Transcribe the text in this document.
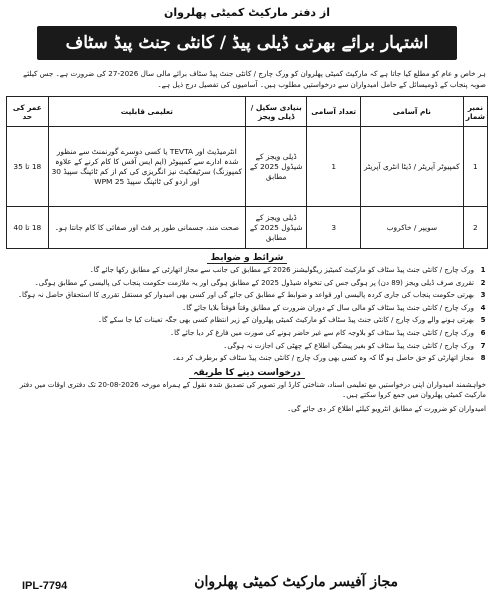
از دفتر مارکیٹ کمیٹی پھلروان
اشتہار برائے بھرتی ڈیلی پیڈ / کانٹی جنٹ پیڈ سٹاف

ہر خاص و عام کو مطلع کیا جاتا ہے کہ مارکیٹ کمیٹی پھلروان کو ورک چارج / کانٹی جنٹ پیڈ سٹاف برائے مالی سال 2026-27 کی ضرورت ہے۔ جس کیلئے صوبہ پنجاب کے ڈومیسائل کے حامل امیدواران سے درخواستیں مطلوب ہیں۔ آسامیوں کی تفصیل درج ذیل ہے۔

نمبر شمار	نام آسامی	تعداد آسامی	بنیادی سکیل / ڈیلی ویجز	تعلیمی قابلیت	عمر کی حد
1	کمپیوٹر آپریٹر / ڈیٹا انٹری آپریٹر	1	ڈیلی ویجز کے شیڈول 2025 کے مطابق	انٹرمیڈیٹ اور TEVTA یا کسی دوسرے گورنمنٹ سے منظور شدہ ادارے سے کمپیوٹر (ایم ایس آفس کا کام کرنے کے علاوہ کمپوزنگ) سرٹیفکیٹ نیز انگریزی کی کم از کم ٹائپنگ سپیڈ 30 اور اردو کی ٹائپنگ سپیڈ 25 WPM	18 تا 35
2	سویپر / خاکروب	3	ڈیلی ویجز کے شیڈول 2025 کے مطابق	صحت مند، جسمانی طور پر فٹ اور صفائی کا کام جانتا ہو۔	18 تا 40
شرائط و ضوابط
1
ورک چارج / کانٹی جنٹ پیڈ سٹاف کو مارکیٹ کمیٹیز ریگولیشنز 2026 کے مطابق کی جانب سے مجاز اتھارٹی کے مطابق رکھا جائے گا۔
2
تقرری صرف ڈیلی ویجز (89 دن) پر ہوگی جس کی تنخواہ شیڈول 2025 کے مطابق ہوگی اور یہ ملازمت حکومت پنجاب کی پالیسی کے مطابق ہوگی۔
3
بھرتی حکومت پنجاب کی جاری کردہ پالیسی اور قواعد و ضوابط کے مطابق کی جائے گی اور کسی بھی امیدوار کو مستقل تقرری کا استحقاق حاصل نہ ہوگا۔
4
ورک چارج / کانٹی جنٹ پیڈ سٹاف کو مالی سال کے دوران ضرورت کے مطابق وقتاً فوقتاً بلایا جائے گا۔
5
بھرتی ہونے والے ورک چارج / کانٹی جنٹ پیڈ سٹاف کو مارکیٹ کمیٹی پھلروان کے زیر انتظام کسی بھی جگہ تعینات کیا جا سکے گا۔
6
ورک چارج / کانٹی جنٹ پیڈ سٹاف کو بلاوجہ کام سے غیر حاضر ہونے کی صورت میں فارغ کر دیا جائے گا۔
7
ورک چارج / کانٹی جنٹ پیڈ سٹاف کو بغیر پیشگی اطلاع کے چھٹی کی اجازت نہ ہوگی۔
8
مجاز اتھارٹی کو حق حاصل ہو گا کہ وہ کسی بھی ورک چارج / کانٹی جنٹ پیڈ سٹاف کو برطرف کر دے۔
درخواست دینے کا طریقہ

خواہشمند امیدواران اپنی درخواستیں مع تعلیمی اسناد، شناختی کارڈ اور تصویر کی تصدیق شدہ نقول کے ہمراہ مورخہ 2026-08-20 تک دفتری اوقات میں دفتر مارکیٹ کمیٹی پھلروان میں جمع کروا سکتے ہیں۔

امیدواران کو ضرورت کے مطابق انٹرویو کیلئے اطلاع کر دی جائے گی۔

مجاز آفیسر مارکیٹ کمیٹی پھلروان
IPL-7794
